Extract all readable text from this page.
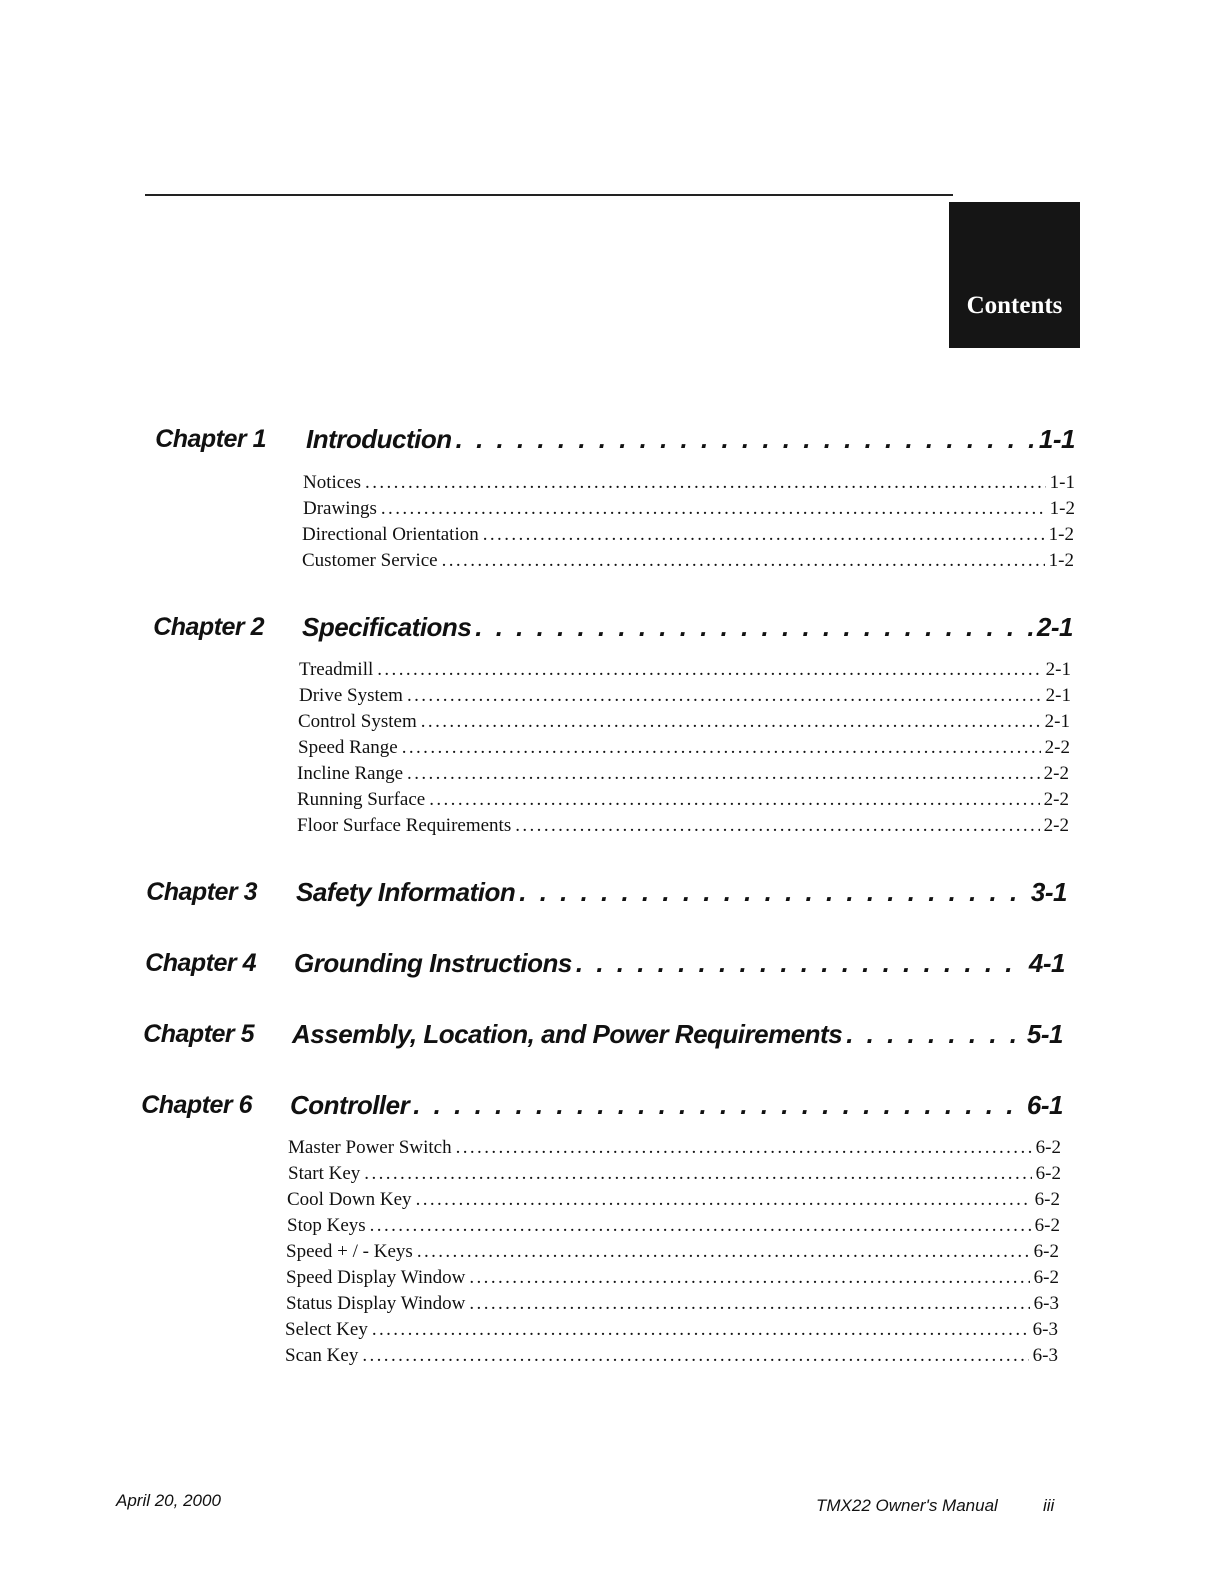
Contents
Chapter 1 Introduction . . .	1-1
Notices .....	1-1
Drawings .....	1-2
Directional Orientation .....	1-2
Customer Service .....	1-2
Chapter 2 Specifications . . .	2-1
Treadmill .....	2-1
Drive System .....	2-1
Control System .....	2-1
Speed Range .....	2-2
Incline Range .....	2-2
Running Surface .....	2-2
Floor Surface Requirements .....	2-2
Chapter 3 Safety Information . . .	3-1
Chapter 4 Grounding Instructions . . .	4-1
Chapter 5 Assembly, Location, and Power Requirements . . .	5-1
Chapter 6 Controller . . .	6-1
Master Power Switch .....	6-2
Start Key .....	6-2
Cool Down Key .....	6-2
Stop Keys .....	6-2
Speed + / - Keys .....	6-2
Speed Display Window .....	6-2
Status Display Window .....	6-3
Select Key .....	6-3
Scan Key .....	6-3
April 20, 2000	TMX22 Owner's Manual	iii
